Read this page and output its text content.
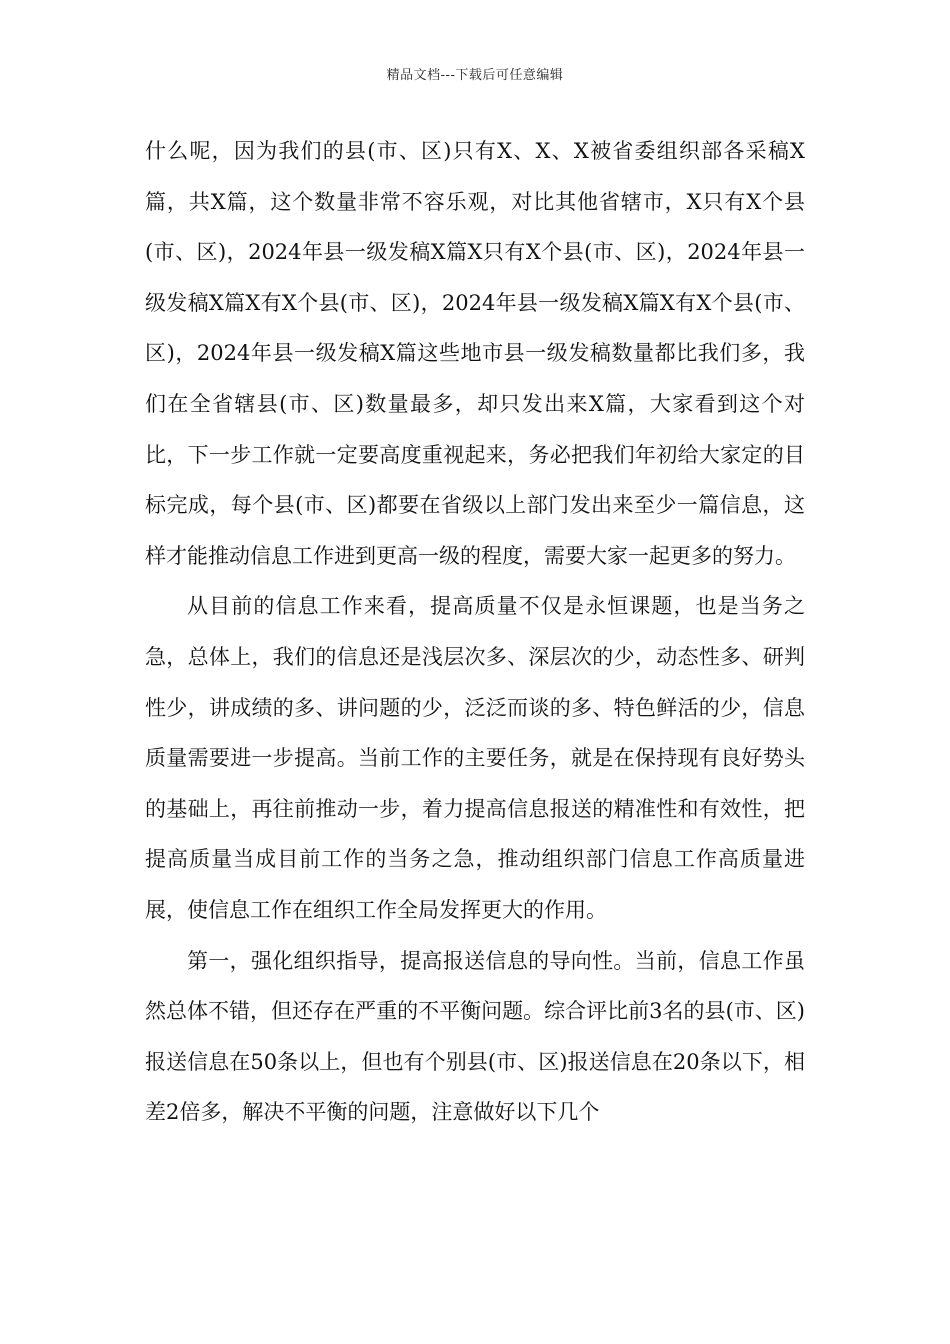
精品文档---下载后可任意编辑

什么呢，因为我们的县(市、区)只有X、X、X被省委组织部各采稿X篇，共X篇，这个数量非常不容乐观，对比其他省辖市，X只有X个县(市、区)，2024年县一级发稿X篇X只有X个县(市、区)，2024年县一级发稿X篇X有X个县(市、区)，2024年县一级发稿X篇X有X个县(市、区)，2024年县一级发稿X篇这些地市县一级发稿数量都比我们多，我们在全省辖县(市、区)数量最多，却只发出来X篇，大家看到这个对比，下一步工作就一定要高度重视起来，务必把我们年初给大家定的目标完成，每个县(市、区)都要在省级以上部门发出来至少一篇信息，这样才能推动信息工作进到更高一级的程度，需要大家一起更多的努力。

从目前的信息工作来看，提高质量不仅是永恒课题，也是当务之急，总体上，我们的信息还是浅层次多、深层次的少，动态性多、研判性少，讲成绩的多、讲问题的少，泛泛而谈的多、特色鲜活的少，信息质量需要进一步提高。当前工作的主要任务，就是在保持现有良好势头的基础上，再往前推动一步，着力提高信息报送的精准性和有效性，把提高质量当成目前工作的当务之急，推动组织部门信息工作高质量进展，使信息工作在组织工作全局发挥更大的作用。

第一，强化组织指导，提高报送信息的导向性。当前，信息工作虽然总体不错，但还存在严重的不平衡问题。综合评比前3名的县(市、区)报送信息在50条以上，但也有个别县(市、区)报送信息在20条以下，相差2倍多，解决不平衡的问题，注意做好以下几个
